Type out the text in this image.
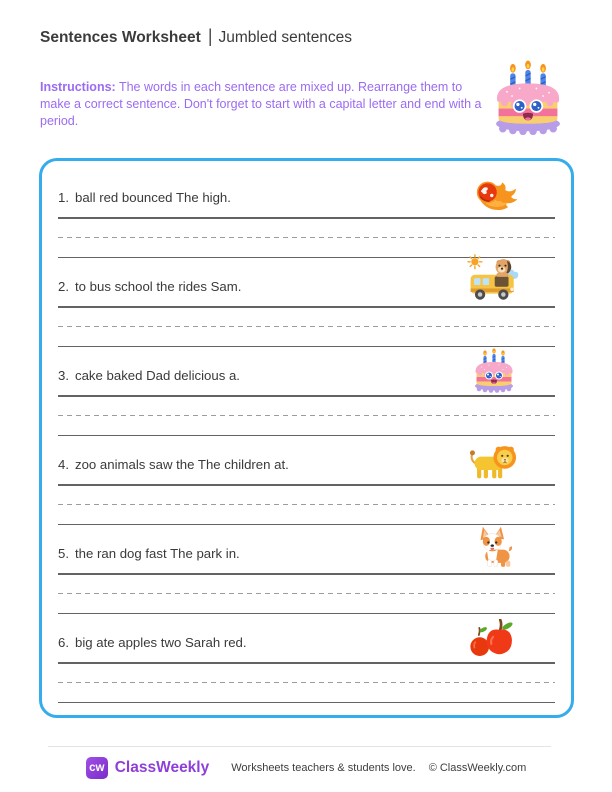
Sentences Worksheet | Jumbled sentences
Instructions: The words in each sentence are mixed up. Rearrange them to make a correct sentence. Don't forget to start with a capital letter and end with a period.
1. ball red bounced The high.
2. to bus school the rides Sam.
3. cake baked Dad delicious a.
4. zoo animals saw the The children at.
5. the ran dog fast The park in.
6. big ate apples two Sarah red.
cw ClassWeekly Worksheets teachers & students love. © ClassWeekly.com
